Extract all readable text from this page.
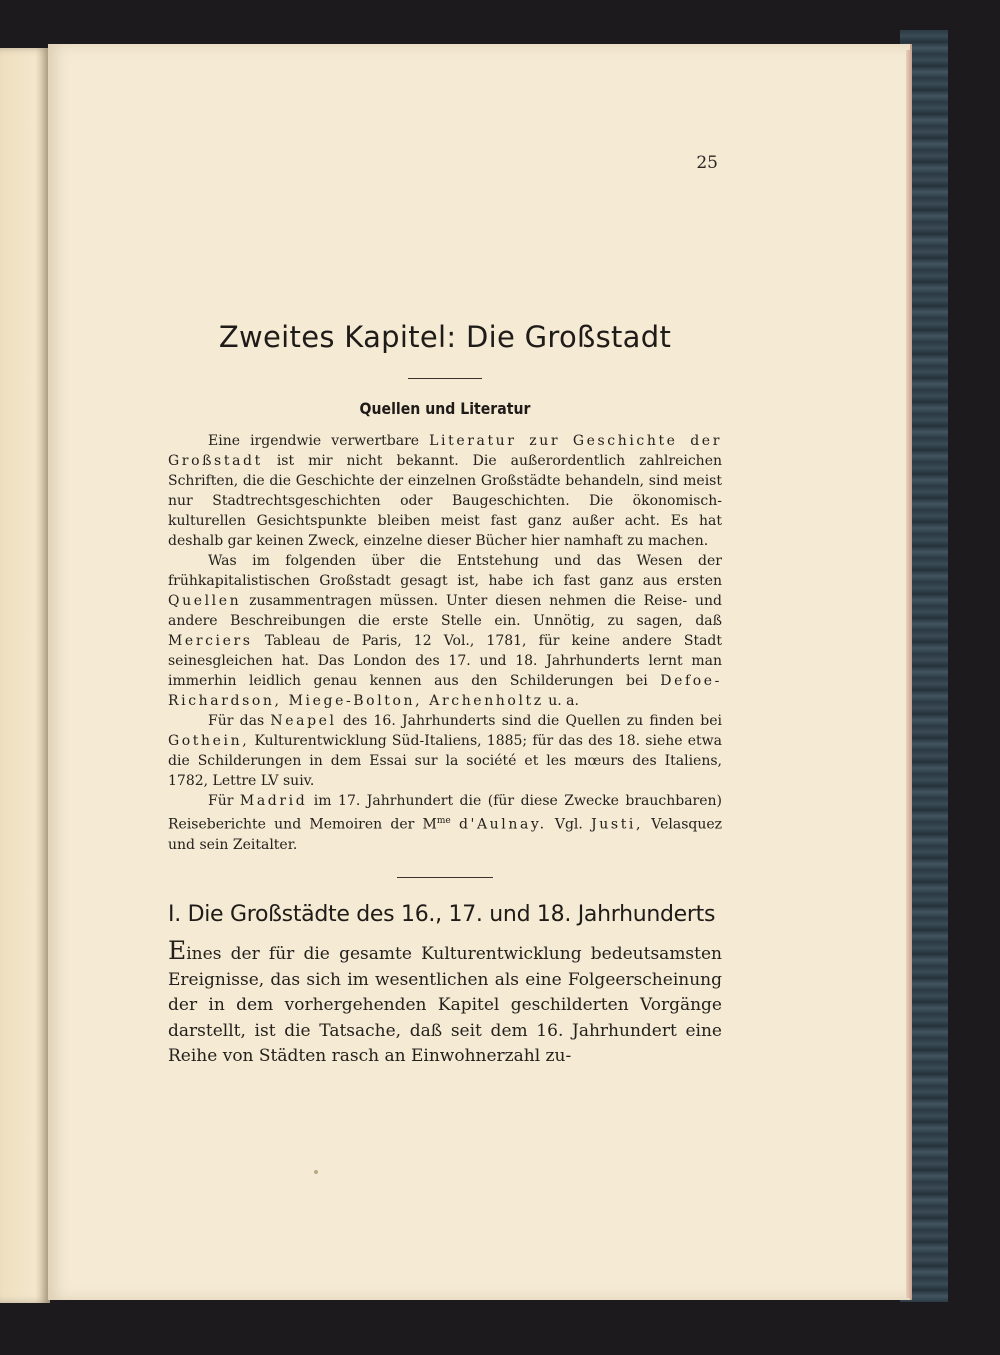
25
Zweites Kapitel: Die Großstadt
Quellen und Literatur

Eine irgendwie verwertbare Literatur zur Geschichte der Großstadt ist mir nicht bekannt. Die außerordentlich zahlreichen Schriften, die die Geschichte der einzelnen Großstädte behandeln, sind meist nur Stadtrechtsgeschichten oder Baugeschichten. Die ökonomisch-kulturellen Gesichtspunkte bleiben meist fast ganz außer acht. Es hat deshalb gar keinen Zweck, einzelne dieser Bücher hier namhaft zu machen.

Was im folgenden über die Entstehung und das Wesen der frühkapitalistischen Großstadt gesagt ist, habe ich fast ganz aus ersten Quellen zusammentragen müssen. Unter diesen nehmen die Reise- und andere Beschreibungen die erste Stelle ein. Unnötig, zu sagen, daß Merciers Tableau de Paris, 12 Vol., 1781, für keine andere Stadt seinesgleichen hat. Das London des 17. und 18. Jahrhunderts lernt man immerhin leidlich genau kennen aus den Schilderungen bei Defoe-Richardson, Miege-Bolton, Archenholtz u. a.

Für das Neapel des 16. Jahrhunderts sind die Quellen zu finden bei Gothein, Kulturentwicklung Süd-Italiens, 1885; für das des 18. siehe etwa die Schilderungen in dem Essai sur la société et les mœurs des Italiens, 1782, Lettre LV suiv.

Für Madrid im 17. Jahrhundert die (für diese Zwecke brauchbaren) Reiseberichte und Memoiren der $M^{me}$ d'Aulnay. Vgl. Justi, Velasquez und sein Zeitalter.

I. Die Großstädte des 16., 17. und 18. Jahrhunderts

Eines der für die gesamte Kulturentwicklung bedeutsamsten Ereignisse, das sich im wesentlichen als eine Folgeerscheinung der in dem vorhergehenden Kapitel geschilderten Vorgänge darstellt, ist die Tatsache, daß seit dem 16. Jahrhundert eine Reihe von Städten rasch an Einwohnerzahl zu-
